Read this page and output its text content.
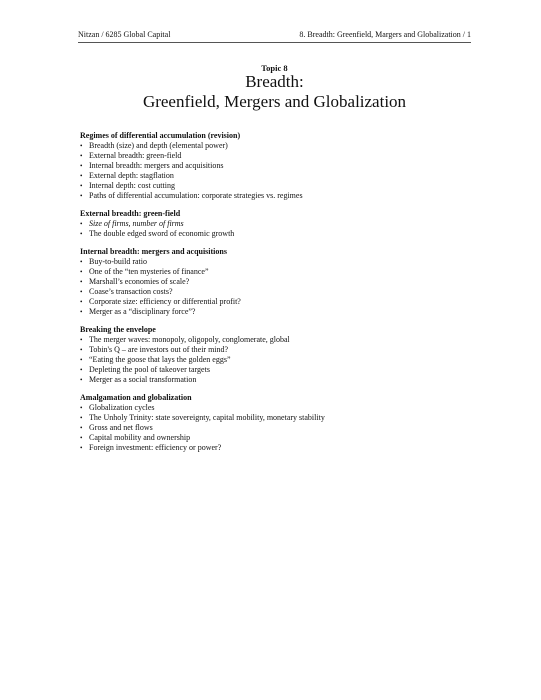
Nitzan / 6285 Global Capital	8. Breadth: Greenfield, Margers and Globalization / 1
Topic 8
Breadth:
Greenfield, Mergers and Globalization
Regimes of differential accumulation (revision)
• Breadth (size) and depth (elemental power)
• External breadth: green-field
• Internal breadth: mergers and acquisitions
• External depth: stagflation
• Internal depth: cost cutting
• Paths of differential accumulation: corporate strategies vs. regimes
External breadth: green-field
• Size of firms, number of firms
• The double edged sword of economic growth
Internal breadth: mergers and acquisitions
• Buy-to-build ratio
• One of the “ten mysteries of finance”
• Marshall’s economies of scale?
• Coase’s transaction costs?
• Corporate size: efficiency or differential profit?
• Merger as a “disciplinary force”?
Breaking the envelope
• The merger waves: monopoly, oligopoly, conglomerate, global
• Tobin's Q – are investors out of their mind?
• “Eating the goose that lays the golden eggs”
• Depleting the pool of takeover targets
• Merger as a social transformation
Amalgamation and globalization
• Globalization cycles
• The Unholy Trinity: state sovereignty, capital mobility, monetary stability
• Gross and net flows
• Capital mobility and ownership
• Foreign investment: efficiency or power?
